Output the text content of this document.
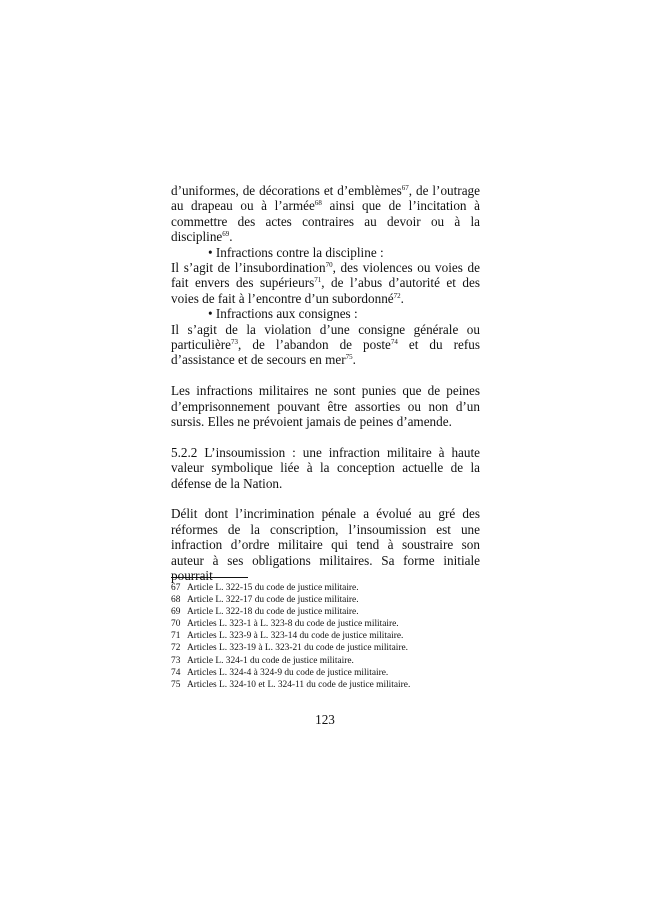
d’uniformes, de décorations et d’emblèmes$^{67}$, de l’outrage au drapeau ou à l’armée$^{68}$ ainsi que de l’incitation à commettre des actes contraires au devoir ou à la discipline$^{69}$.

• Infractions contre la discipline :

Il s’agit de l’insubordination$^{70}$, des violences ou voies de fait envers des supérieurs$^{71}$, de l’abus d’autorité et des voies de fait à l’encontre d’un subordonné$^{72}$.

• Infractions aux consignes :

Il s’agit de la violation d’une consigne générale ou particulière$^{73}$, de l’abandon de poste$^{74}$ et du refus d’assistance et de secours en mer$^{75}$.

Les infractions militaires ne sont punies que de peines d’emprisonnement pouvant être assorties ou non d’un sursis. Elles ne prévoient jamais de peines d’amende.

5.2.2 L’insoumission : une infraction militaire à haute valeur symbolique liée à la conception actuelle de la défense de la Nation.

Délit dont l’incrimination pénale a évolué au gré des réformes de la conscription, l’insoumission est une infraction d’ordre militaire qui tend à soustraire son auteur à ses obligations militaires. Sa forme initiale pourrait

67 Article L. 322-15 du code de justice militaire.
68 Article L. 322-17 du code de justice militaire.
69 Article L. 322-18 du code de justice militaire.
70 Articles L. 323-1 à L. 323-8 du code de justice militaire.
71 Articles L. 323-9 à L. 323-14 du code de justice militaire.
72 Articles L. 323-19 à L. 323-21 du code de justice militaire.
73 Article L. 324-1 du code de justice militaire.
74 Articles L. 324-4 à 324-9 du code de justice militaire.
75 Articles L. 324-10 et L. 324-11 du code de justice militaire.
123
